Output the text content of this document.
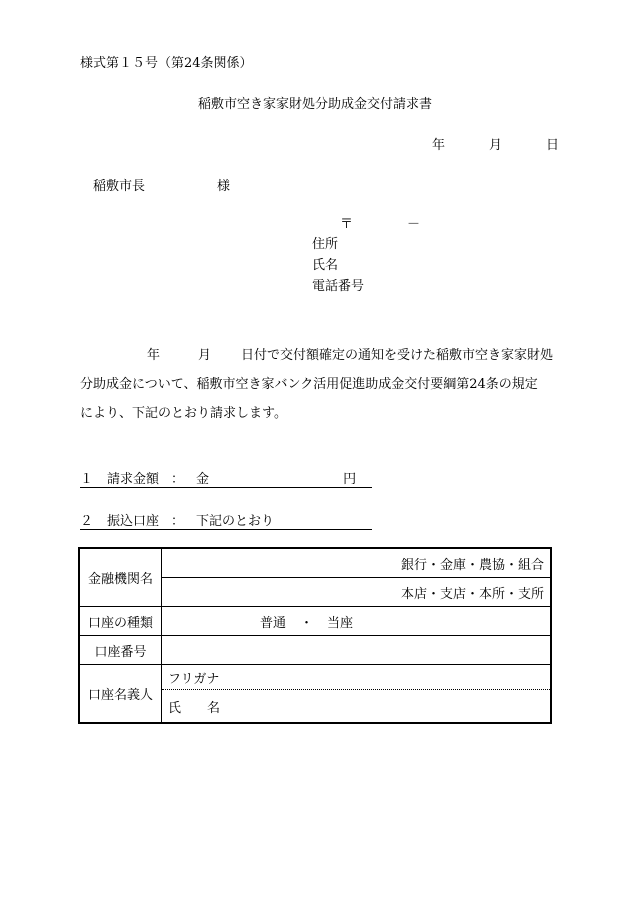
様式第１５号（第24条関係）
稲敷市空き家家財処分助成金交付請求書
年	月	日
稲敷市長	様
〒	－
住所
氏名
電話番号
年	月 日付で交付額確定の通知を受けた稲敷市空き家家財処
分助成金について、稲敷市空き家バンク活用促進助成金交付要綱第24条の規定
により、下記のとおり請求します。
１ 請求金額 ： 金	円
２ 振込口座 ： 下記のとおり
金融機関名	銀行・金庫・農協・組合
	本店・支店・本所・支所
口座の種類	普通 ・ 当座
口座番号	
口座名義人	フリガナ
	氏　　名
